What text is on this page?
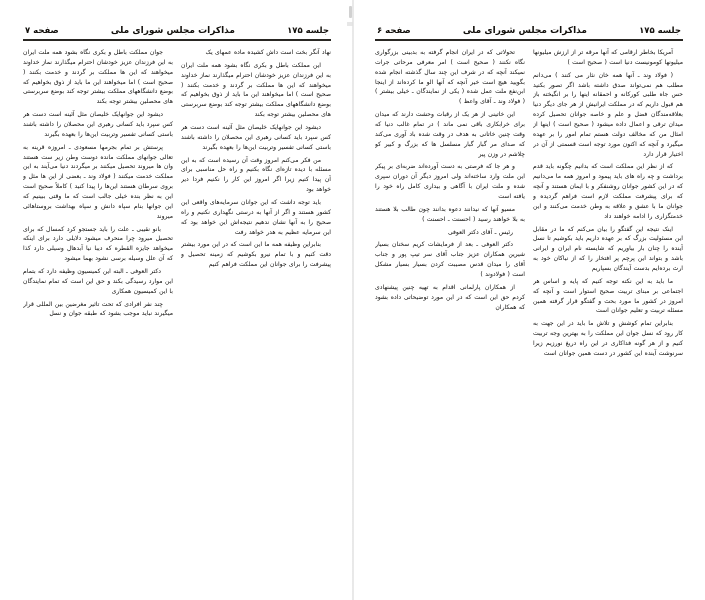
جلسه ۱۷۵
مذاکرات مجلس شورای ملی
صفحه ۶

تحولاتی که در ایران انجام گرفته به بدبینی بزرگواری نگاه نکنند ( صحیح است ) امر معرفی مرحاتی جرات نمیکند آنچه که در شرف این چند سال گذشته انجام شده بگویید هیچ است خیر آنچه که آنها الو ما کرده‌اند از اینجا ابن‌نفع ملت عمل شده ( یکی از نمایندگان ـ خیلی بیشتر ) ( فولاد وند ـ آقای واعظ )

این خاتینی از هر یک از رقبات وحشت دارند که میدان برای خرابکاری باقی نمی ماند ) در تمام غالب دنیا که وقت چنین خاتانی به هدف در وقت شده باد آوری می‌کند که صدای مر گبار گبار مسلسل ها که بزرگ و کبیر کو چلاشم در وزن پیر

و هر جا که فرصتی به دست آورده‌اند ضربه‌ای بر پیکر این ملت وارد ساخته‌اند ولی امروز دیگر آن دوران سپری شده و ملت ایران با آگاهی و بیداری کامل راه خود را یافته است

مسیو آنها که نیدانند دعوه بدانند چون طالب بلا هستند به بلا خواهند رسید ( احسنت ـ احسنت )

رئیس ـ آقای دکتر العوفی

دکتر العوفی ـ بعد از فرمایشات کریم سخنان بسیار شیرین همکاران عزیز جناب آقای سر تیپ پور و جناب آقای را میدان قدس مصیبت کردن بسیار بسیار مشکل است ( فولادوند )

از همکاران پارلمانی اقدام به تهیه چنین پیشنهادی کردم حق این است که در این مورد توضیحاتی داده بشود که همکاران

آمریکا بخاطر ارقامی که آنها مرقه تر از ارزش میلیونها میلیونها کومونیست دنیا است ( صحیح است )

( فولاد وند ـ آنها همه خان نثار می کنند ) می‌دانم مطلب هم نمی‌تواند صدق داشته باشد اگر تصور بکنید حس جاه طلبی کورکانه و احمقانه اینها را بر انگیخته باز هم قبول داریم که در مملکت ایرانیش از هر جای دیگر دنیا بعلاقه‌مندگان فضل و علم و خاصه جوانان تحصیل کرده میدان ترقی و اعمال داده میشود ( صحیح است ) اینها از امثال من که مخالف دولت هستم تمام امور را بر عهده میگیرد و آنچه که اکنون مورد توجه است قسمتی از آن در اختیار قرار دارد

که از نظر این مملکت است که بدانیم چگونه باید قدم برداشت و چه راه های باید پیمود و امروز همه ما می‌دانیم که در این کشور جوانان روشنفکر و با ایمان هستند و آنچه که برای پیشرفت مملکت لازم است فراهم گردیده و جوانان ما با عشق و علاقه به وطن خدمت می‌کنند و این خدمتگزاری را ادامه خواهند داد

اینک نتیجه این گفتگو را بیان می‌کنم که ما در مقابل این مسئولیت بزرگ که بر عهده داریم باید بکوشیم تا نسل آینده را چنان بار بیاوریم که شایسته نام ایران و ایرانی باشد و بتواند این پرچم پر افتخار را که از نیاکان خود به ارث برده‌ایم بدست آیندگان بسپاریم

ما باید به این نکته توجه کنیم که پایه و اساس هر اجتماعی بر مبنای تربیت صحیح استوار است و آنچه که امروز در کشور ما مورد بحث و گفتگو قرار گرفته همین مسئله تربیت و تعلیم جوانان است

بنابراین تمام کوشش و تلاش ما باید در این جهت به کار رود که نسل جوان این مملکت را به بهترین وجه تربیت کنیم و از هر گونه فداکاری در این راه دریغ نورزیم زیرا سرنوشت آینده این کشور در دست همین جوانان است

جلسه ۱۷۵
مذاکرات مجلس شورای ملی
صفحه ۷

جوان مملکت باطل و بکری نگاه بشود همه ملت ایران به این فرزندان عزیز خودشان احترام میگذارند نماز خداوند میخواهند که این ها مملکت بر گردند و خدمت بکنند ( صحیح است ) اما میخواهند این ما باید از ذوق بخواهیم که بوضع دانشگاههای مملکت بیشتر توجه کند بوضع سربرستی های محصلین بیشتر توجه بکند

دیشود این جوانهایک خلیصان مثل آئینه است دست هر کس سپرد باید کسانی رهبری این محصلان را داشته باشند باستی کسانی تفسیر وتربیت این‌ها را بعهده بگیرند

پرستش بر تمام بجرمها مسعودی ـ امروزه قرینه به تعالی جوانهای مملکت مانده دوست وطن زیر ست هستند وان ها میروند تحصیل میکنند بر میگردند دنیا می‌آیند به این مملکت خدمت میکنند ( فولاد وند ـ بعضی از این ها مثل و بروی سرطان هستند این‌ها را پیدا کنید ) کاملاً صحیح است این به نظر بنده خیلی جالب است که ما وقتی ببینیم که این جوانها بنام سپاه دانش و سپاه بهداشت بروستاهائی میروند

بانو نقیبی ـ علت را باید جستجو کرد کمسال که برای تحصیل میرود چرا منحرف میشود دلایلی دارد برای اینکه میخواهد جایزه القطره که دیبا نیا آبدهال وسیلی دارد کذا که آن علل وسیله برسی نشود بهما میشود

دکتر العوفی ـ البته این کمیسیون وظیفه دارد که بتمام این موارد رسیدگی بکند و حق این است که تمام نمایندگان با این کمیسیون همکاری

چند نفر افرادی که تحت تاثیر مغرضین بین المللی قرار میگیرند نباید موجب بشود که طبقه جوان و نسل

نهاد آنگر بخت است داش کشیده ماده عمهای یک

این مملکت باطل و بکری نگاه بشود همه ملت ایران به این فرزندان عزیز خودشان احترام میگذارند نماز خداوند میخواهند که این ها مملکت بر گردند و خدمت بکنند ( صحیح است ) اما میخواهند این ما باید از ذوق بخواهیم که بوضع دانشگاههای مملکت بیشتر توجه کند بوضع سربرستی های محصلین بیشتر توجه بکند

دیشود این جوانهایک خلیصان مثل آئینه است دست هر کس سپرد باید کسانی رهبری این محصلان را داشته باشند باستی کسانی تفسیر وتربیت این‌ها را بعهده بگیرند

من فکر می‌کنم امروز وقت آن رسیده است که به این مسئله با دیده تازه‌ای نگاه بکنیم و راه حل مناسبی برای آن پیدا کنیم زیرا اگر امروز این کار را نکنیم فردا دیر خواهد بود

باید توجه داشت که این جوانان سرمایه‌های واقعی این کشور هستند و اگر از آنها به درستی نگهداری نکنیم و راه صحیح را به آنها نشان ندهیم نتیجه‌اش این خواهد بود که این سرمایه عظیم به هدر خواهد رفت

بنابراین وظیفه همه ما این است که در این مورد بیشتر دقت کنیم و با تمام نیرو بکوشیم که زمینه تحصیل و پیشرفت را برای جوانان این مملکت فراهم کنیم
